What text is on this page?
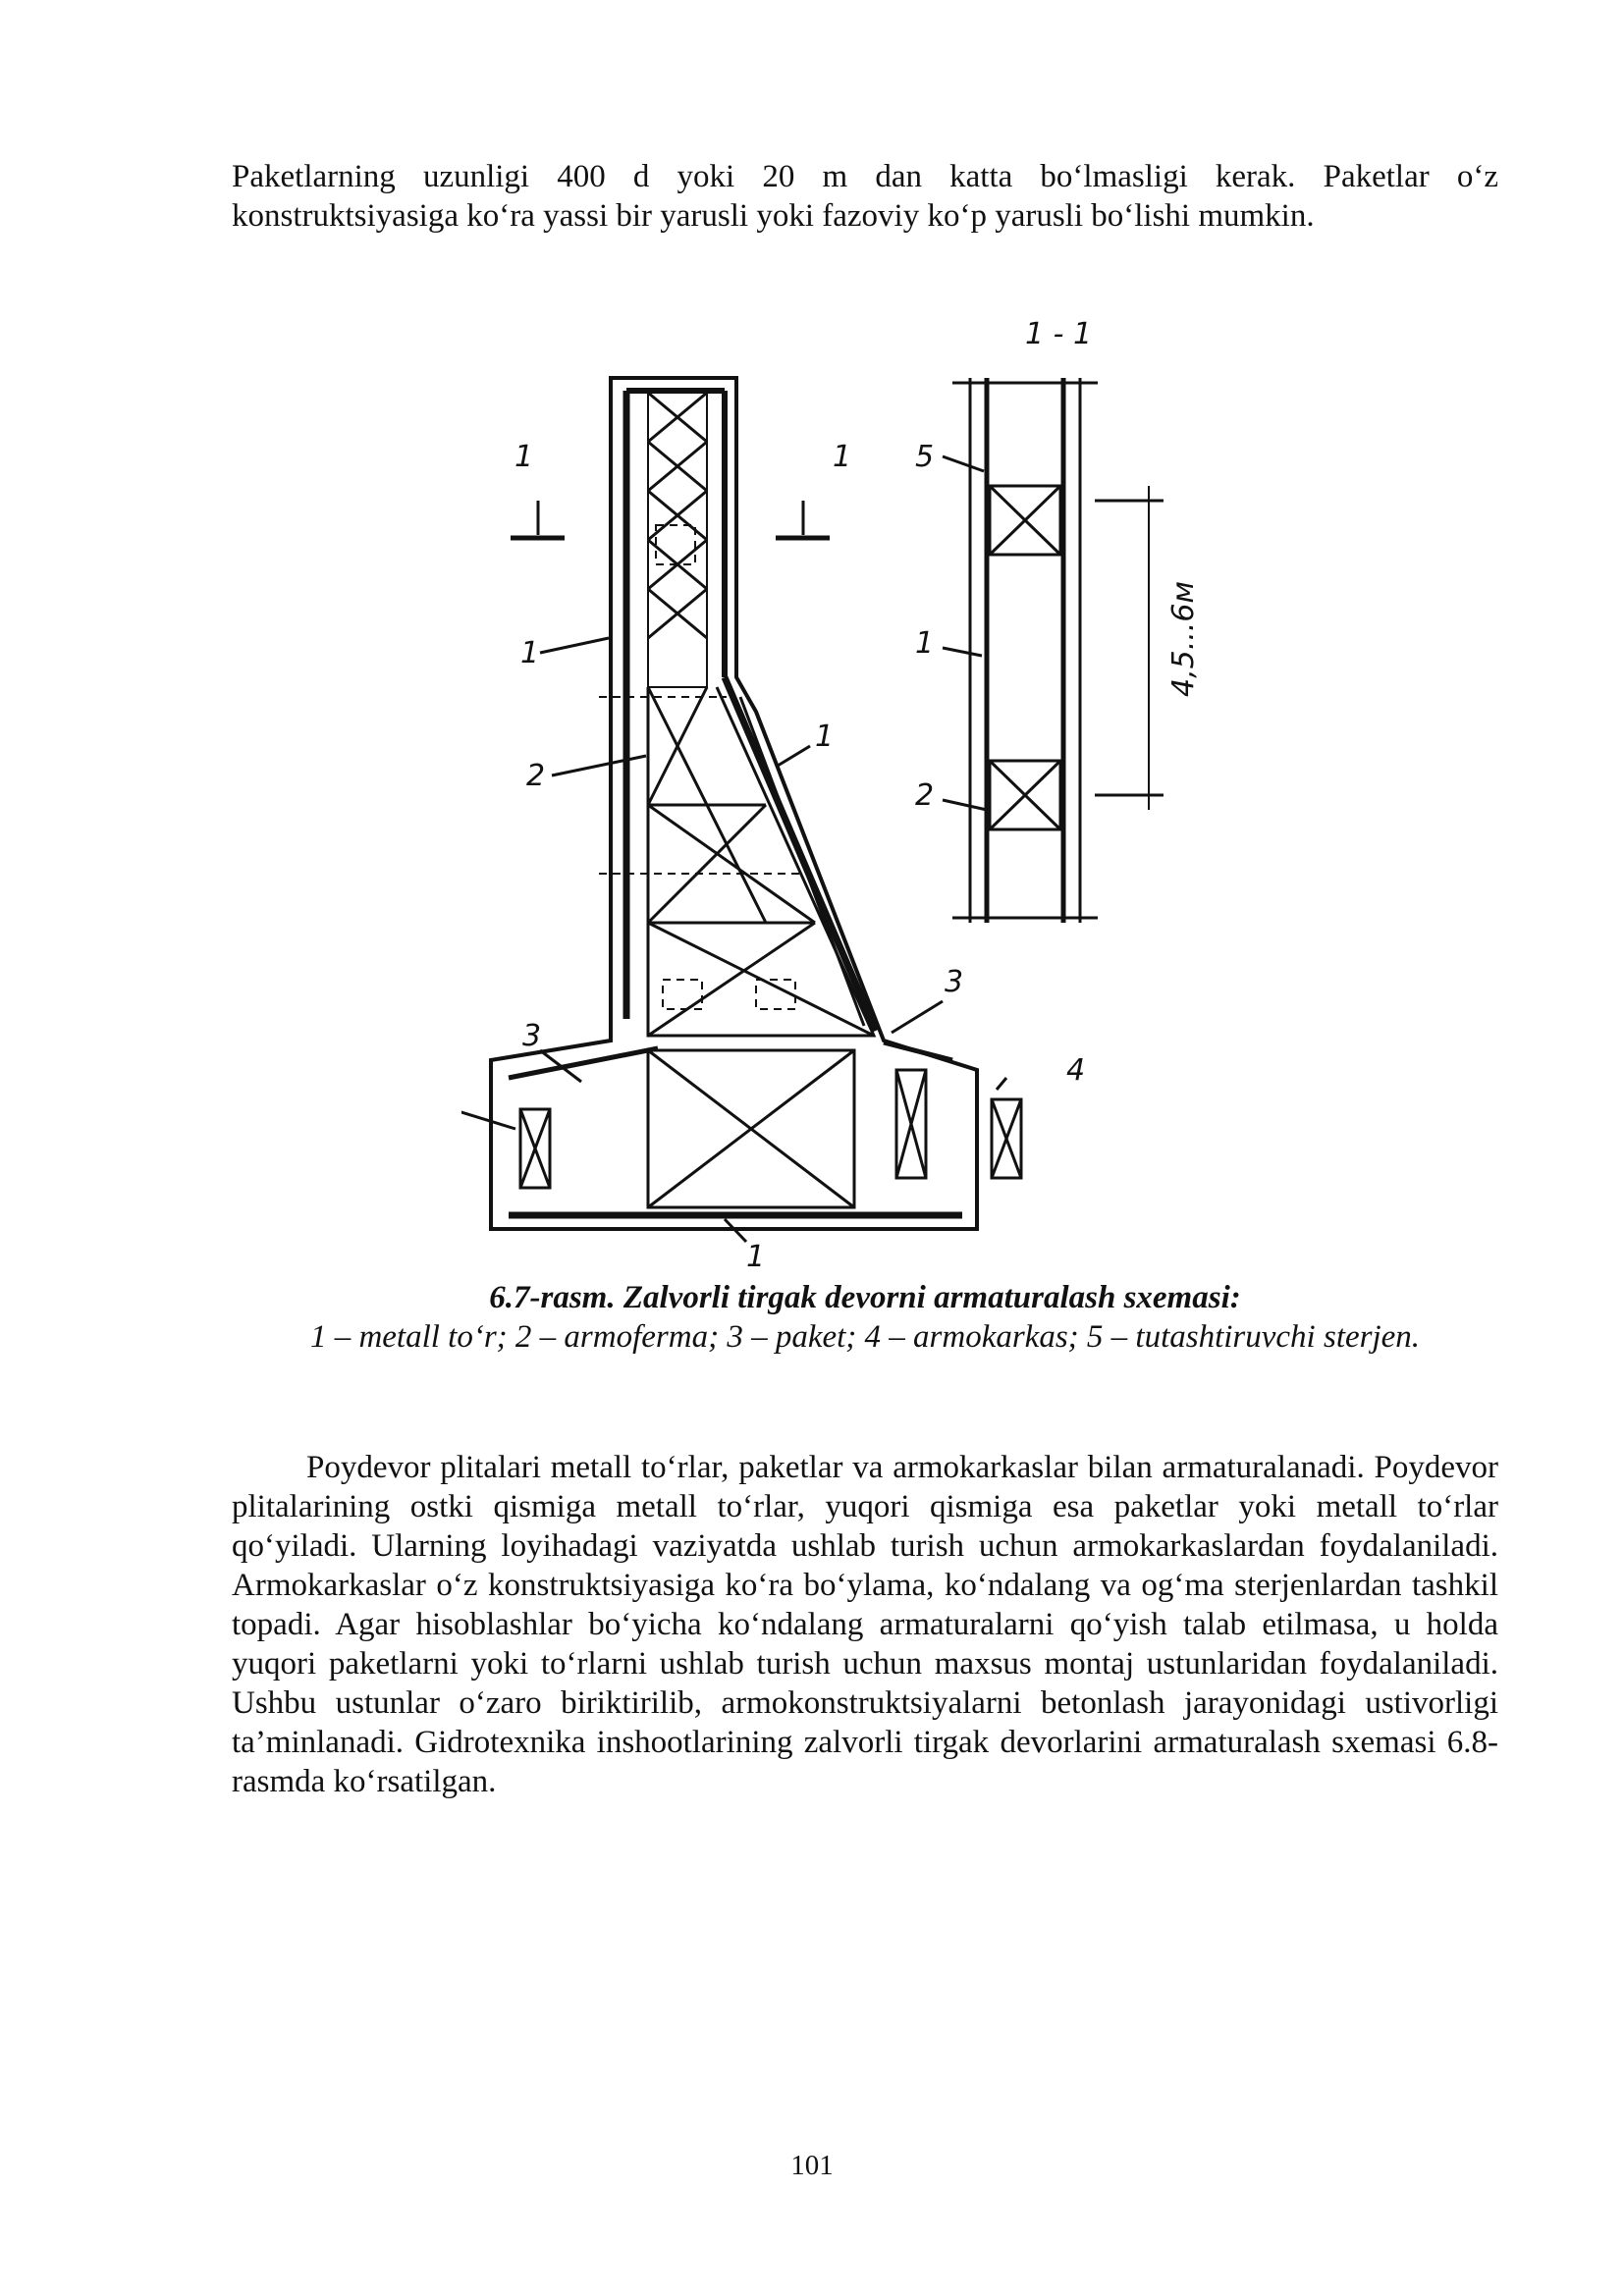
Paketlarning uzunligi 400 d yoki 20 m dan katta bo‘lmasligi kerak. Paketlar o‘z konstruktsiyasiga ko‘ra yassi bir yarusli yoki fazoviy ko‘p yarusli bo‘lishi mumkin.

1 - 1
1	1
1
2
1
3
3
4
1
5
1
2
4,5...6м
6.7-rasm. Zalvorli tirgak devorni armaturalash sxemasi:
1 – metall to‘r; 2 – armoferma; 3 – paket; 4 – armokarkas; 5 – tutashtiruvchi sterjen.

Poydevor plitalari metall to‘rlar, paketlar va armokarkaslar bilan armaturalanadi. Poydevor plitalarining ostki qismiga metall to‘rlar, yuqori qismiga esa paketlar yoki metall to‘rlar qo‘yiladi. Ularning loyihadagi vaziyatda ushlab turish uchun armokarkaslardan foydalaniladi. Armokarkaslar o‘z konstruktsiyasiga ko‘ra bo‘ylama, ko‘ndalang va og‘ma sterjenlardan tashkil topadi. Agar hisoblashlar bo‘yicha ko‘ndalang armaturalarni qo‘yish talab etilmasa, u holda yuqori paketlarni yoki to‘rlarni ushlab turish uchun maxsus montaj ustunlaridan foydalaniladi. Ushbu ustunlar o‘zaro biriktirilib, armokonstruktsiyalarni betonlash jarayonidagi ustivorligi ta’minlanadi. Gidrotexnika inshootlarining zalvorli tirgak devorlarini armaturalash sxemasi 6.8-rasmda ko‘rsatilgan.

101
